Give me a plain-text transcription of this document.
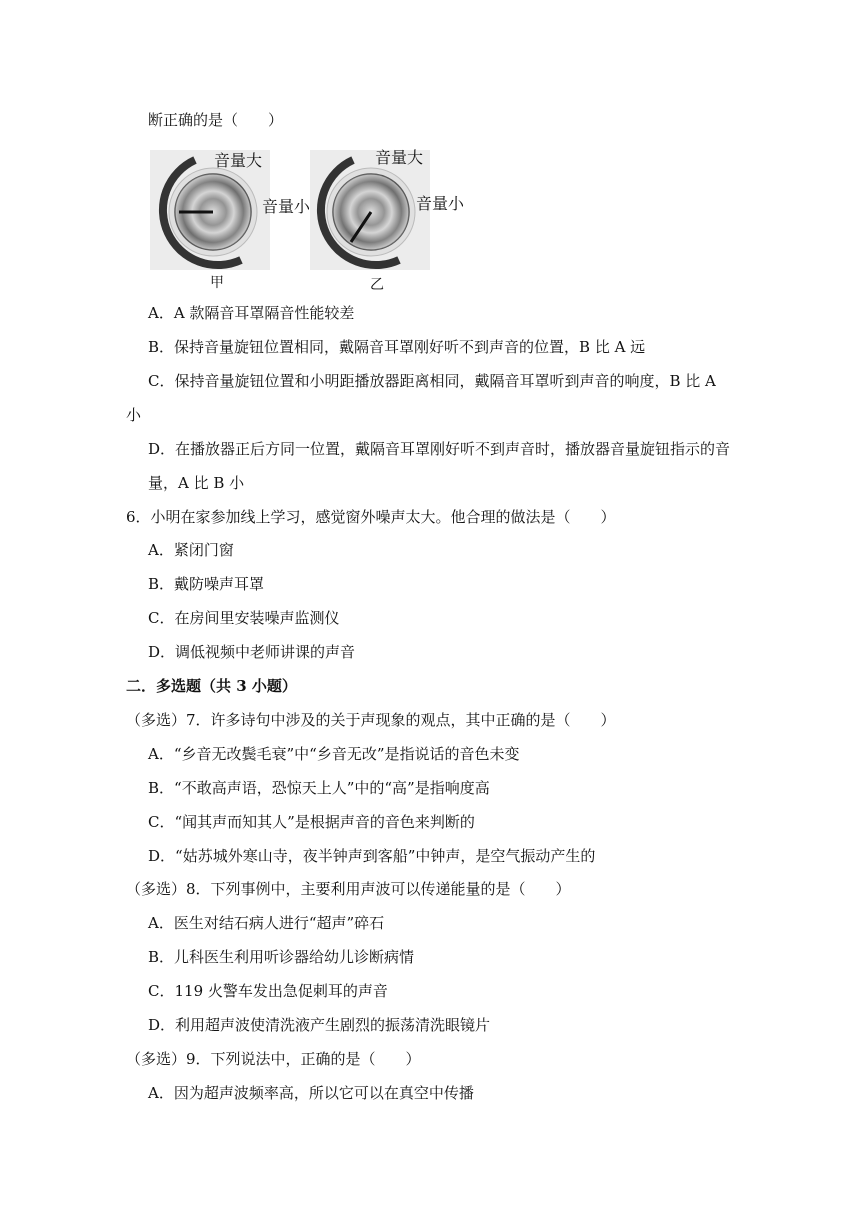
断正确的是（　　）
音量大
音量小
甲
音量大
音量小
乙
A．A 款隔音耳罩隔音性能较差
B．保持音量旋钮位置相同，戴隔音耳罩刚好听不到声音的位置，B 比 A 远
C．保持音量旋钮位置和小明距播放器距离相同，戴隔音耳罩听到声音的响度，B 比 A
小
D．在播放器正后方同一位置，戴隔音耳罩刚好听不到声音时，播放器音量旋钮指示的音
量，A 比 B 小
6．小明在家参加线上学习，感觉窗外噪声太大。他合理的做法是（　　）
A．紧闭门窗
B．戴防噪声耳罩
C．在房间里安装噪声监测仪
D．调低视频中老师讲课的声音
二．多选题（共 3 小题）
（多选）7．许多诗句中涉及的关于声现象的观点，其中正确的是（　　）
A．“乡音无改鬓毛衰”中“乡音无改”是指说话的音色未变
B．“不敢高声语，恐惊天上人”中的“高”是指响度高
C．“闻其声而知其人”是根据声音的音色来判断的
D．“姑苏城外寒山寺，夜半钟声到客船”中钟声，是空气振动产生的
（多选）8．下列事例中，主要利用声波可以传递能量的是（　　）
A．医生对结石病人进行“超声”碎石
B．儿科医生利用听诊器给幼儿诊断病情
C．119 火警车发出急促刺耳的声音
D．利用超声波使清洗液产生剧烈的振荡清洗眼镜片
（多选）9．下列说法中，正确的是（　　）
A．因为超声波频率高，所以它可以在真空中传播
